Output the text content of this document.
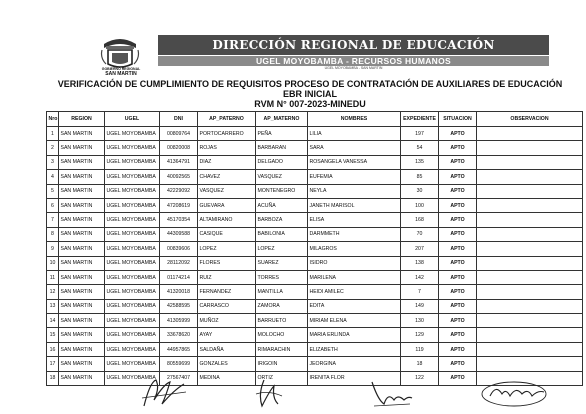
GOBIERNO REGIONAL
SAN MARTIN
DIRECCIÓN REGIONAL DE EDUCACIÓN
UGEL MOYOBAMBA - RECURSOS HUMANOS
UGEL MOYOBAMBA - SAN MARTIN
VERIFICACIÓN DE CUMPLIMIENTO DE REQUISITOS PROCESO DE CONTRATACIÓN DE AUXILIARES DE EDUCACIÓN
EBR INICIAL
RVM N° 007-2023-MINEDU
Nro	REGION	UGEL	DNI	AP_PATERNO	AP_MATERNO	NOMBRES	EXPEDIENTE	SITUACION	OBSERVACION
1	SAN MARTIN	UGEL MOYOBAMBA	00809764	PORTOCARRERO	PEÑA	LILIA	197	APTO	
2	SAN MARTIN	UGEL MOYOBAMBA	00820008	ROJAS	BARBARAN	SARA	54	APTO	
3	SAN MARTIN	UGEL MOYOBAMBA	41364791	DIAZ	DELGADO	ROSANGELA VANESSA	135	APTO	
4	SAN MARTIN	UGEL MOYOBAMBA	40092565	CHAVEZ	VASQUEZ	EUFEMIA	85	APTO	
5	SAN MARTIN	UGEL MOYOBAMBA	42229092	VASQUEZ	MONTENEGRO	NEYLA	30	APTO	
6	SAN MARTIN	UGEL MOYOBAMBA	47208619	GUEVARA	ACUÑA	JANETH MARISOL	100	APTO	
7	SAN MARTIN	UGEL MOYOBAMBA	45170354	ALTAMIRANO	BARBOZA	ELISA	168	APTO	
8	SAN MARTIN	UGEL MOYOBAMBA	44309588	CASIQUE	BABILONIA	DARMMETH	70	APTO	
9	SAN MARTIN	UGEL MOYOBAMBA	00839606	LOPEZ	LOPEZ	MILAGROS	207	APTO	
10	SAN MARTIN	UGEL MOYOBAMBA	28112092	FLORES	SUAREZ	ISIDRO	138	APTO	
11	SAN MARTIN	UGEL MOYOBAMBA	01174214	RUIZ	TORRES	MARILENA	142	APTO	
12	SAN MARTIN	UGEL MOYOBAMBA	41320018	FERNANDEZ	MANTILLA	HEIDI AMILEC	7	APTO	
13	SAN MARTIN	UGEL MOYOBAMBA	42588595	CARRASCO	ZAMORA	EDITA	149	APTO	
14	SAN MARTIN	UGEL MOYOBAMBA	41305999	MUÑOZ	BARRUETO	MIRIAM ELENA	130	APTO	
15	SAN MARTIN	UGEL MOYOBAMBA	33678620	AYAY	MOLOCHO	MARIA ERLINDA	129	APTO	
16	SAN MARTIN	UGEL MOYOBAMBA	44957865	SALDAÑA	RIMARACHIN	ELIZABETH	119	APTO	
17	SAN MARTIN	UGEL MOYOBAMBA	80559699	GONZALES	IRIGOIN	JEORGINA	18	APTO	
18	SAN MARTIN	UGEL MOYOBAMBA	27567407	MEDINA	ORTIZ	IRENITA FLOR	122	APTO	
